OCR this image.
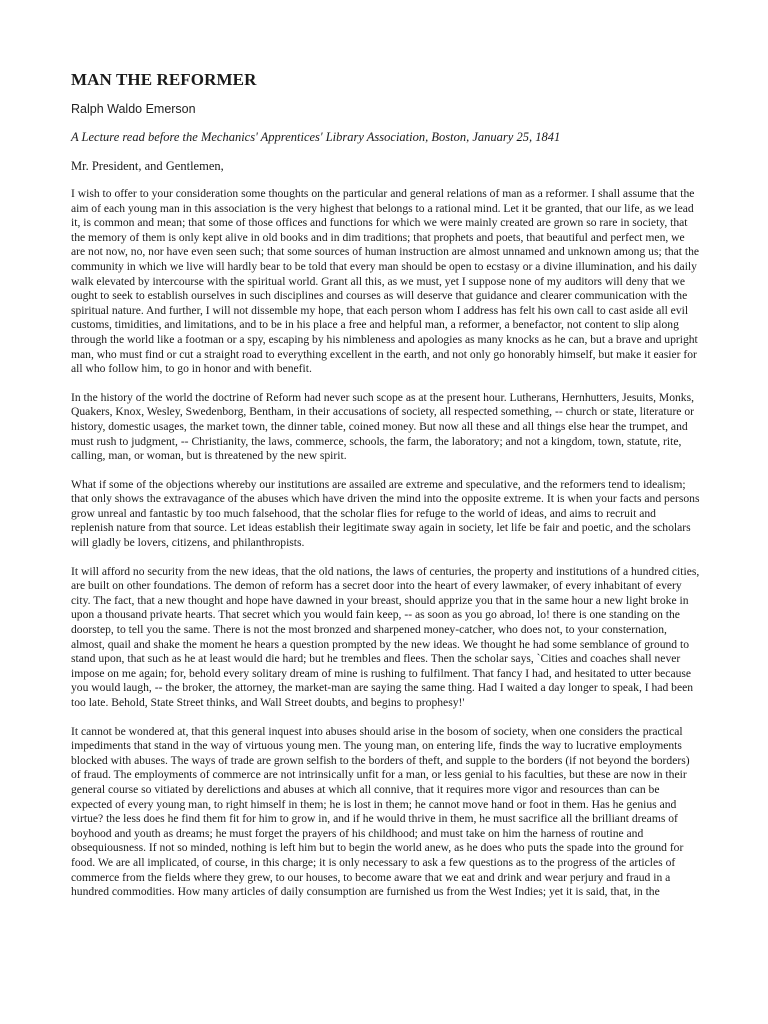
MAN THE REFORMER
Ralph Waldo Emerson
A Lecture read before the Mechanics' Apprentices' Library Association, Boston, January 25, 1841
Mr. President, and Gentlemen,

I wish to offer to your consideration some thoughts on the particular and general relations of man as a reformer. I shall assume that the aim of each young man in this association is the very highest that belongs to a rational mind. Let it be granted, that our life, as we lead it, is common and mean; that some of those offices and functions for which we were mainly created are grown so rare in society, that the memory of them is only kept alive in old books and in dim traditions; that prophets and poets, that beautiful and perfect men, we are not now, no, nor have even seen such; that some sources of human instruction are almost unnamed and unknown among us; that the community in which we live will hardly bear to be told that every man should be open to ecstasy or a divine illumination, and his daily walk elevated by intercourse with the spiritual world. Grant all this, as we must, yet I suppose none of my auditors will deny that we ought to seek to establish ourselves in such disciplines and courses as will deserve that guidance and clearer communication with the spiritual nature. And further, I will not dissemble my hope, that each person whom I address has felt his own call to cast aside all evil customs, timidities, and limitations, and to be in his place a free and helpful man, a reformer, a benefactor, not content to slip along through the world like a footman or a spy, escaping by his nimbleness and apologies as many knocks as he can, but a brave and upright man, who must find or cut a straight road to everything excellent in the earth, and not only go honorably himself, but make it easier for all who follow him, to go in honor and with benefit.

In the history of the world the doctrine of Reform had never such scope as at the present hour. Lutherans, Hernhutters, Jesuits, Monks, Quakers, Knox, Wesley, Swedenborg, Bentham, in their accusations of society, all respected something, -- church or state, literature or history, domestic usages, the market town, the dinner table, coined money. But now all these and all things else hear the trumpet, and must rush to judgment, -- Christianity, the laws, commerce, schools, the farm, the laboratory; and not a kingdom, town, statute, rite, calling, man, or woman, but is threatened by the new spirit.

What if some of the objections whereby our institutions are assailed are extreme and speculative, and the reformers tend to idealism; that only shows the extravagance of the abuses which have driven the mind into the opposite extreme. It is when your facts and persons grow unreal and fantastic by too much falsehood, that the scholar flies for refuge to the world of ideas, and aims to recruit and replenish nature from that source. Let ideas establish their legitimate sway again in society, let life be fair and poetic, and the scholars will gladly be lovers, citizens, and philanthropists.

It will afford no security from the new ideas, that the old nations, the laws of centuries, the property and institutions of a hundred cities, are built on other foundations. The demon of reform has a secret door into the heart of every lawmaker, of every inhabitant of every city. The fact, that a new thought and hope have dawned in your breast, should apprize you that in the same hour a new light broke in upon a thousand private hearts. That secret which you would fain keep, -- as soon as you go abroad, lo! there is one standing on the doorstep, to tell you the same. There is not the most bronzed and sharpened money-catcher, who does not, to your consternation, almost, quail and shake the moment he hears a question prompted by the new ideas. We thought he had some semblance of ground to stand upon, that such as he at least would die hard; but he trembles and flees. Then the scholar says, `Cities and coaches shall never impose on me again; for, behold every solitary dream of mine is rushing to fulfilment. That fancy I had, and hesitated to utter because you would laugh, -- the broker, the attorney, the market-man are saying the same thing. Had I waited a day longer to speak, I had been too late. Behold, State Street thinks, and Wall Street doubts, and begins to prophesy!'

It cannot be wondered at, that this general inquest into abuses should arise in the bosom of society, when one considers the practical impediments that stand in the way of virtuous young men. The young man, on entering life, finds the way to lucrative employments blocked with abuses. The ways of trade are grown selfish to the borders of theft, and supple to the borders (if not beyond the borders) of fraud. The employments of commerce are not intrinsically unfit for a man, or less genial to his faculties, but these are now in their general course so vitiated by derelictions and abuses at which all connive, that it requires more vigor and resources than can be expected of every young man, to right himself in them; he is lost in them; he cannot move hand or foot in them. Has he genius and virtue? the less does he find them fit for him to grow in, and if he would thrive in them, he must sacrifice all the brilliant dreams of boyhood and youth as dreams; he must forget the prayers of his childhood; and must take on him the harness of routine and obsequiousness. If not so minded, nothing is left him but to begin the world anew, as he does who puts the spade into the ground for food. We are all implicated, of course, in this charge; it is only necessary to ask a few questions as to the progress of the articles of commerce from the fields where they grew, to our houses, to become aware that we eat and drink and wear perjury and fraud in a hundred commodities. How many articles of daily consumption are furnished us from the West Indies; yet it is said, that, in the
